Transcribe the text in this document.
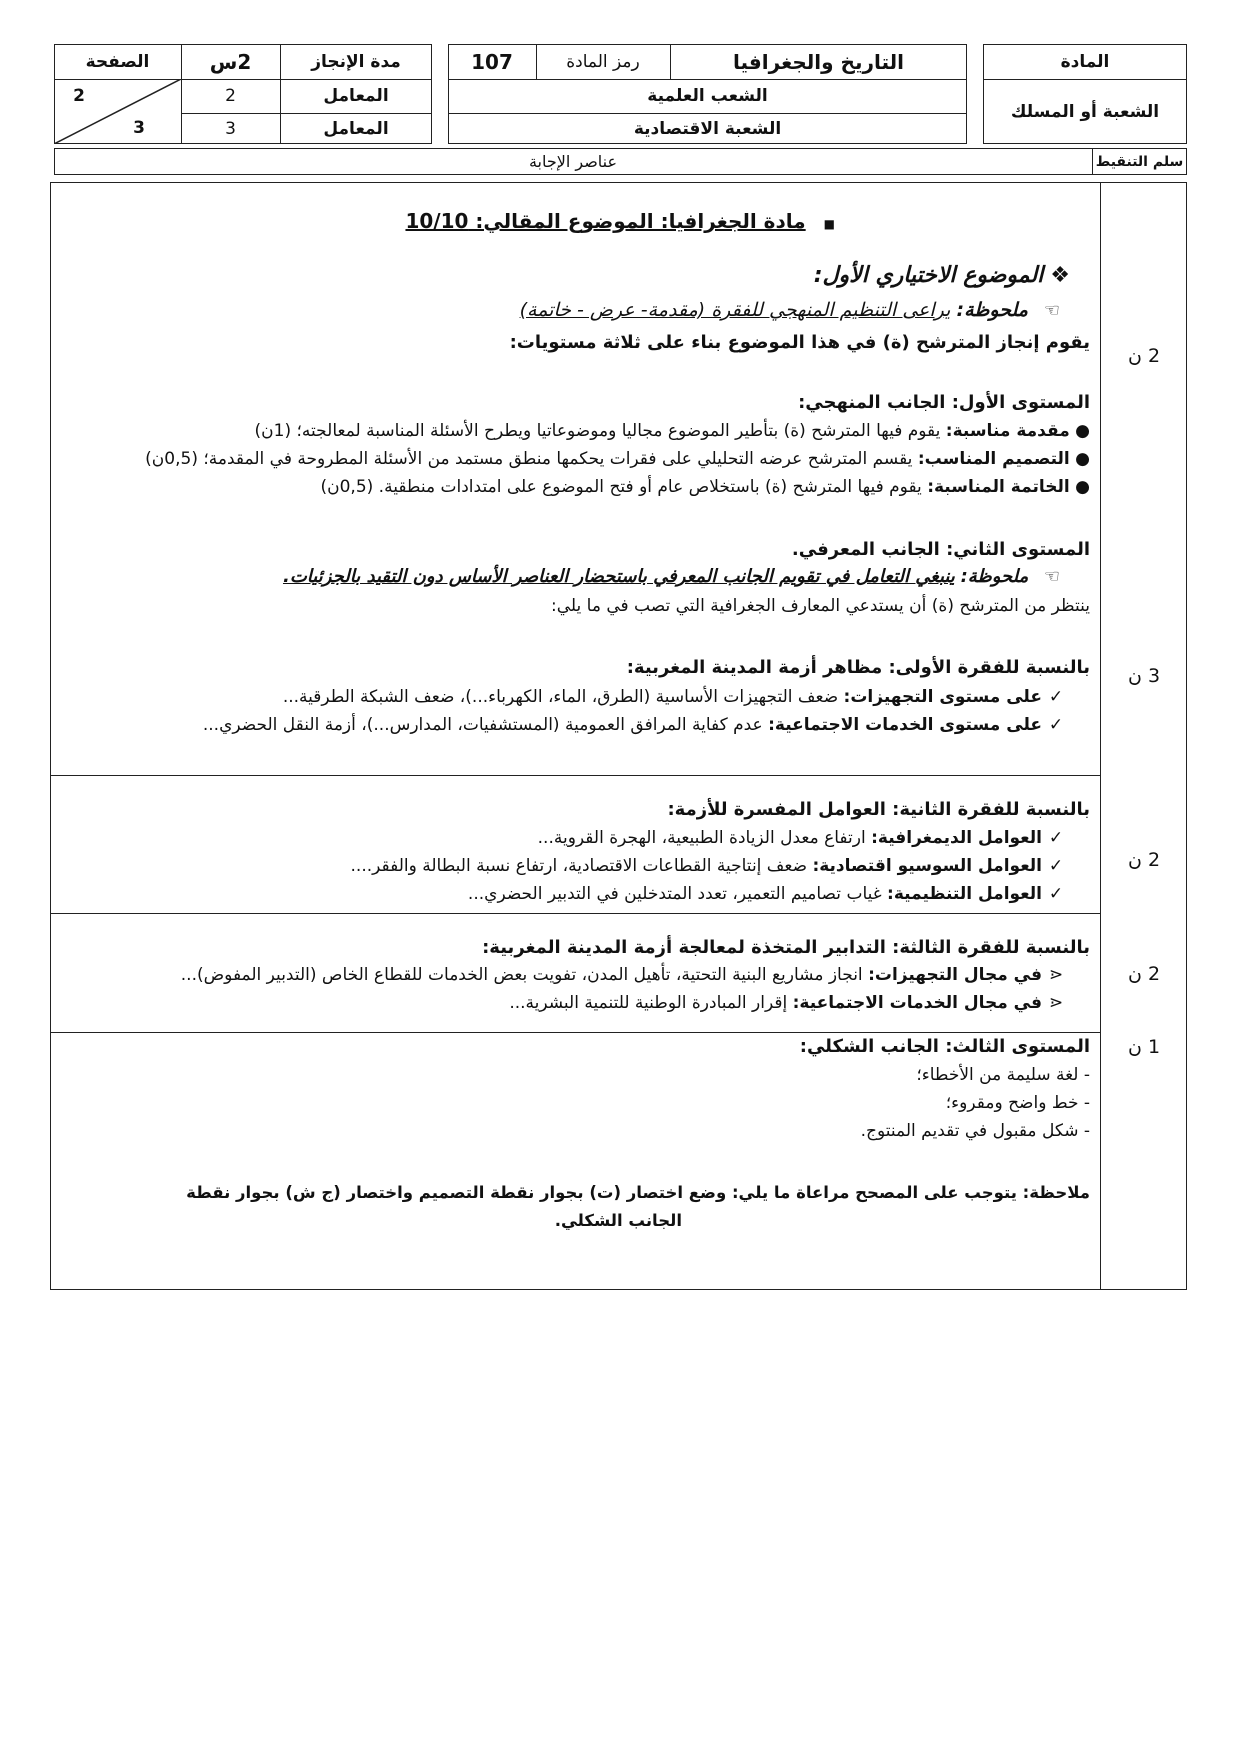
المادة
الشعبة أو المسلك
التاريخ والجغرافيا
رمز المادة
107
الشعب العلمية
الشعبة الاقتصادية
مدة الإنجاز
2س
الصفحة
المعامل
2
المعامل
3
2
3
سلم التنقيط
عناصر الإجابة
2 ن
3 ن
2 ن
2 ن
1 ن

■مادة الجغرافيا: الموضوع المقالي: 10/10

❖ الموضوع الاختياري الأول:

☜ ملحوظة: يراعى التنظيم المنهجي للفقرة (مقدمة- عرض - خاتمة)

يقوم إنجاز المترشح (ة) في هذا الموضوع بناء على ثلاثة مستويات:

المستوى الأول: الجانب المنهجي:

● مقدمة مناسبة: يقوم فيها المترشح (ة) بتأطير الموضوع مجاليا وموضوعاتيا ويطرح الأسئلة المناسبة لمعالجته؛ (1ن)

● التصميم المناسب: يقسم المترشح عرضه التحليلي على فقرات يحكمها منطق مستمد من الأسئلة المطروحة في المقدمة؛ (0,5ن)

● الخاتمة المناسبة: يقوم فيها المترشح (ة) باستخلاص عام أو فتح الموضوع على امتدادات منطقية. (0,5ن)

المستوى الثاني: الجانب المعرفي.

☜ ملحوظة: ينبغي التعامل في تقويم الجانب المعرفي باستحضار العناصر الأساس دون التقيد بالجزئيات.

ينتظر من المترشح (ة) أن يستدعي المعارف الجغرافية التي تصب في ما يلي:

بالنسبة للفقرة الأولى: مظاهر أزمة المدينة المغربية:

✓على مستوى التجهيزات: ضعف التجهيزات الأساسية (الطرق، الماء، الكهرباء...)، ضعف الشبكة الطرقية...

✓على مستوى الخدمات الاجتماعية: عدم كفاية المرافق العمومية (المستشفيات، المدارس...)، أزمة النقل الحضري...

بالنسبة للفقرة الثانية: العوامل المفسرة للأزمة:

✓العوامل الديمغرافية: ارتفاع معدل الزيادة الطبيعية، الهجرة القروية...

✓العوامل السوسيو اقتصادية: ضعف إنتاجية القطاعات الاقتصادية، ارتفاع نسبة البطالة والفقر....

✓العوامل التنظيمية: غياب تصاميم التعمير، تعدد المتدخلين في التدبير الحضري...

بالنسبة للفقرة الثالثة: التدابير المتخذة لمعالجة أزمة المدينة المغربية:

⋖في مجال التجهيزات: انجاز مشاريع البنية التحتية، تأهيل المدن، تفويت بعض الخدمات للقطاع الخاص (التدبير المفوض)...

⋖في مجال الخدمات الاجتماعية: إقرار المبادرة الوطنية للتنمية البشرية...

المستوى الثالث: الجانب الشكلي:

- لغة سليمة من الأخطاء؛

- خط واضح ومقروء؛

- شكل مقبول في تقديم المنتوج.

ملاحظة: يتوجب على المصحح مراعاة ما يلي: وضع اختصار (ت) بجوار نقطة التصميم واختصار (ج ش) بجوار نقطة

الجانب الشكلي.
